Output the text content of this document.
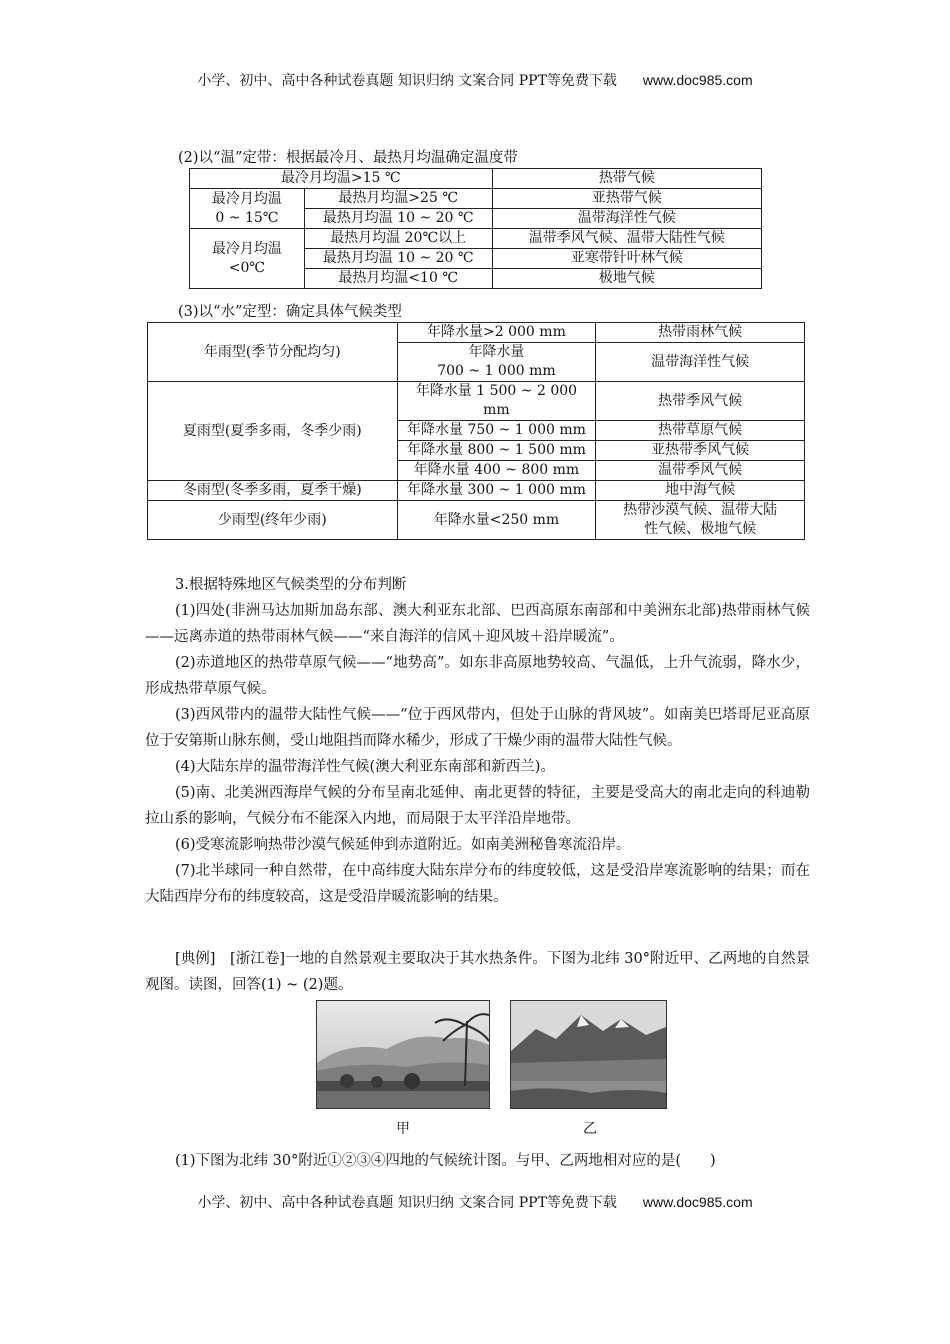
小学、初中、高中各种试卷真题 知识归纳 文案合同 PPT等免费下载 www.doc985.com
(2)以“温”定带：根据最冷月、最热月均温确定温度带
最冷月均温>15 ℃		热带气候

最冷月均温
0 ~ 15℃	最热月均温>25 ℃	亚热带气候
	最热月均温 10 ~ 20 ℃	温带海洋性气候

最冷月均温
<0℃	最热月均温 20℃以上	温带季风气候、温带大陆性气候
	最热月均温 10 ~ 20 ℃	亚寒带针叶林气候
	最热月均温<10 ℃	极地气候
(3)以“水”定型：确定具体气候类型
年雨型(季节分配均匀)	年降水量>2 000 mm	热带雨林气候

	年降水量
700 ~ 1 000 mm	温带海洋性气候
夏雨型(夏季多雨，冬季少雨)	年降水量 1 500 ~ 2 000
mm	热带季风气候
	年降水量 750 ~ 1 000 mm	热带草原气候
	年降水量 800 ~ 1 500 mm	亚热带季风气候
	年降水量 400 ~ 800 mm	温带季风气候
冬雨型(冬季多雨，夏季干燥)	年降水量 300 ~ 1 000 mm	地中海气候
少雨型(终年少雨)	年降水量<250 mm	热带沙漠气候、温带大陆
性气候、极地气候

3.根据特殊地区气候类型的分布判断

(1)四处(非洲马达加斯加岛东部、澳大利亚东北部、巴西高原东南部和中美洲东北部)热带雨林气候——远离赤道的热带雨林气候——“来自海洋的信风＋迎风坡＋沿岸暖流”。

(2)赤道地区的热带草原气候——“地势高”。如东非高原地势较高、气温低，上升气流弱，降水少，形成热带草原气候。

(3)西风带内的温带大陆性气候——“位于西风带内，但处于山脉的背风坡”。如南美巴塔哥尼亚高原位于安第斯山脉东侧，受山地阻挡而降水稀少，形成了干燥少雨的温带大陆性气候。

(4)大陆东岸的温带海洋性气候(澳大利亚东南部和新西兰)。

(5)南、北美洲西海岸气候的分布呈南北延伸、南北更替的特征，主要是受高大的南北走向的科迪勒拉山系的影响，气候分布不能深入内地，而局限于太平洋沿岸地带。

(6)受寒流影响热带沙漠气候延伸到赤道附近。如南美洲秘鲁寒流沿岸。

(7)北半球同一种自然带，在中高纬度大陆东岸分布的纬度较低，这是受沿岸寒流影响的结果；而在大陆西岸分布的纬度较高，这是受沿岸暖流影响的结果。

[典例]　[浙江卷]一地的自然景观主要取决于其水热条件。下图为北纬 30°附近甲、乙两地的自然景观图。读图，回答(1) ~ (2)题。

甲	乙

(1)下图为北纬 30°附近①②③④四地的气候统计图。与甲、乙两地相对应的是(　　)

小学、初中、高中各种试卷真题 知识归纳 文案合同 PPT等免费下载 www.doc985.com
